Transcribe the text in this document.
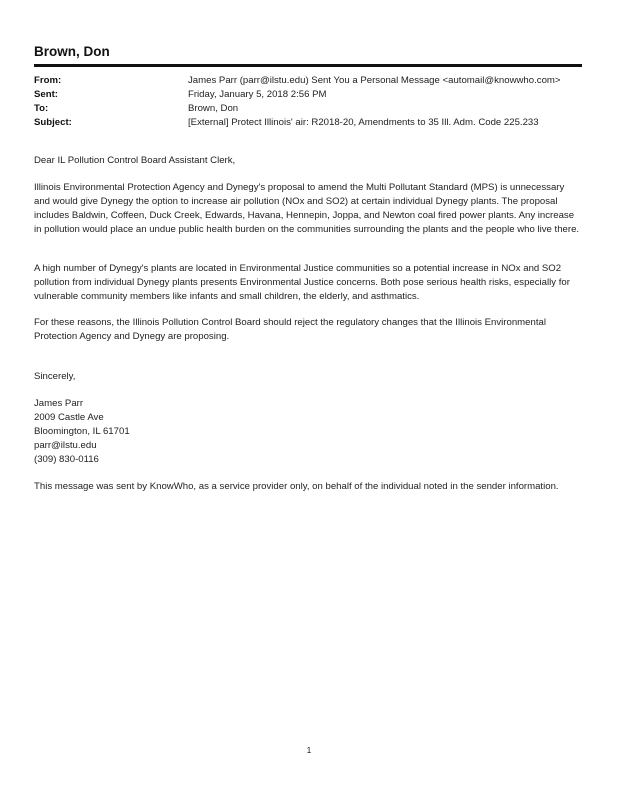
Brown, Don
From:	James Parr (parr@ilstu.edu) Sent You a Personal Message <automail@knowwho.com>
Sent:	Friday, January 5, 2018 2:56 PM
To:	Brown, Don
Subject:	[External] Protect Illinois' air: R2018-20, Amendments to 35 Ill. Adm. Code 225.233

Dear IL Pollution Control Board Assistant Clerk,

Illinois Environmental Protection Agency and Dynegy's proposal to amend the Multi Pollutant Standard (MPS) is unnecessary and would give Dynegy the option to increase air pollution (NOx and SO2) at certain individual Dynegy plants. The proposal includes Baldwin, Coffeen, Duck Creek, Edwards, Havana, Hennepin, Joppa, and Newton coal fired power plants. Any increase in pollution would place an undue public health burden on the communities surrounding the plants and the people who live there.

A high number of Dynegy's plants are located in Environmental Justice communities so a potential increase in NOx and SO2 pollution from individual Dynegy plants presents Environmental Justice concerns. Both pose serious health risks, especially for vulnerable community members like infants and small children, the elderly, and asthmatics.

For these reasons, the Illinois Pollution Control Board should reject the regulatory changes that the Illinois Environmental Protection Agency and Dynegy are proposing.

Sincerely,

James Parr

2009 Castle Ave

Bloomington, IL 61701

parr@ilstu.edu

(309) 830-0116

This message was sent by KnowWho, as a service provider only, on behalf of the individual noted in the sender information.

1
